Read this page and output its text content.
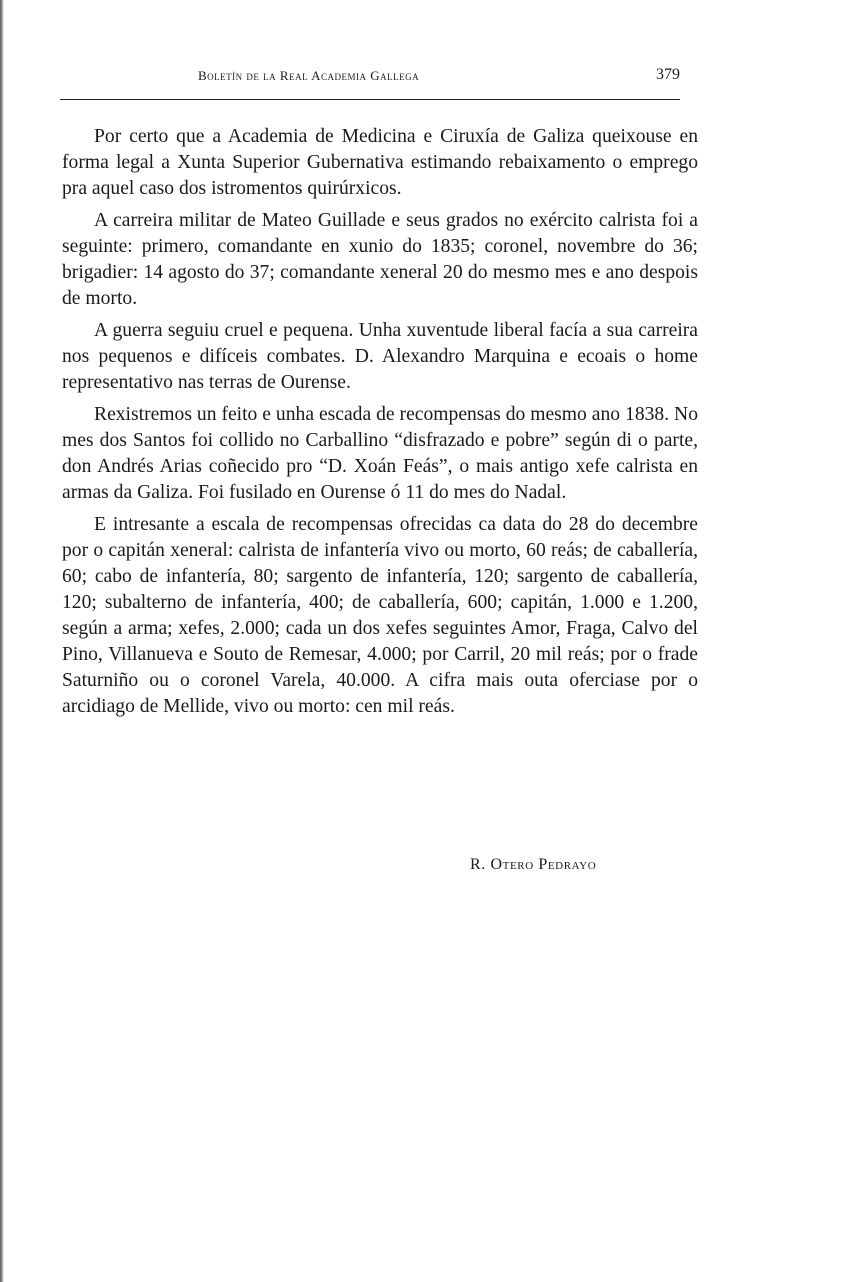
Boletín de la Real Academia Gallega	379

Por certo que a Academia de Medicina e Ciruxía de Galiza queixouse en forma legal a Xunta Superior Gubernativa estimando rebaixamento o emprego pra aquel caso dos istromentos quirúrxicos.

A carreira militar de Mateo Guillade e seus grados no exército calrista foi a seguinte: primero, comandante en xunio do 1835; coronel, novembre do 36; brigadier: 14 agosto do 37; comandante xeneral 20 do mesmo mes e ano despois de morto.

A guerra seguiu cruel e pequena. Unha xuventude liberal facía a sua carreira nos pequenos e difíceis combates. D. Alexandro Marquina e ecoais o home representativo nas terras de Ourense.

Rexistremos un feito e unha escada de recompensas do mesmo ano 1838. No mes dos Santos foi collido no Carballino “disfrazado e pobre” según di o parte, don Andrés Arias coñecido pro “D. Xoán Feás”, o mais antigo xefe calrista en armas da Galiza. Foi fusilado en Ourense ó 11 do mes do Nadal.

E intresante a escala de recompensas ofrecidas ca data do 28 do decembre por o capitán xeneral: calrista de infantería vivo ou morto, 60 reás; de caballería, 60; cabo de infantería, 80; sargento de infantería, 120; sargento de caballería, 120; subalterno de infantería, 400; de caballería, 600; capitán, 1.000 e 1.200, según a arma; xefes, 2.000; cada un dos xefes seguintes Amor, Fraga, Calvo del Pino, Villanueva e Souto de Remesar, 4.000; por Carril, 20 mil reás; por o frade Saturniño ou o coronel Varela, 40.000. A cifra mais outa oferciase por o arcidiago de Mellide, vivo ou morto: cen mil reás.

R. Otero Pedrayo
